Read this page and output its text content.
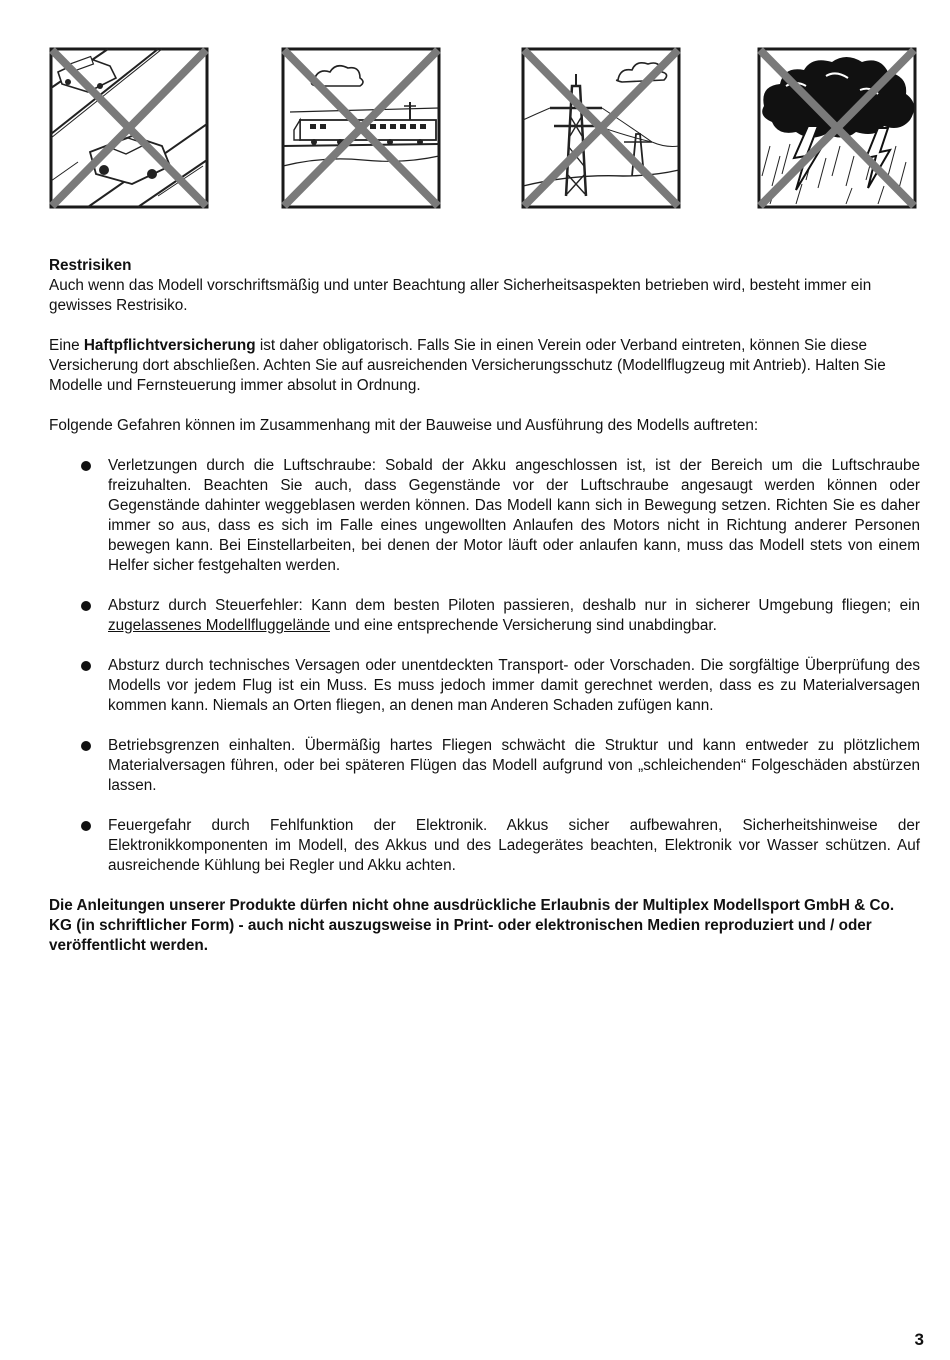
Restrisiken

Auch wenn das Modell vorschriftsmäßig und unter Beachtung aller Sicherheitsaspekten betrieben wird, besteht immer ein gewisses Restrisiko.

Eine Haftpflichtversicherung ist daher obligatorisch. Falls Sie in einen Verein oder Verband eintreten, können Sie diese Versicherung dort abschließen. Achten Sie auf ausreichenden Versicherungsschutz (Modellflugzeug mit Antrieb). Halten Sie Modelle und Fernsteuerung immer absolut in Ordnung.

Folgende Gefahren können im Zusammenhang mit der Bauweise und Ausführung des Modells auftreten:

Verletzungen durch die Luftschraube: Sobald der Akku angeschlossen ist, ist der Bereich um die Luftschraube freizuhalten. Beachten Sie auch, dass Gegenstände vor der Luftschraube angesaugt werden können oder Gegenstände dahinter weggeblasen werden können. Das Modell kann sich in Bewegung setzen. Richten Sie es daher immer so aus, dass es sich im Falle eines ungewollten Anlaufen des Motors nicht in Richtung anderer Personen bewegen kann. Bei Einstellarbeiten, bei denen der Motor läuft oder anlaufen kann, muss das Modell stets von einem Helfer sicher festgehalten werden.
Absturz durch Steuerfehler: Kann dem besten Piloten passieren, deshalb nur in sicherer Umgebung fliegen; ein zugelassenes Modellfluggelände und eine entsprechende Versicherung sind unabdingbar.
Absturz durch technisches Versagen oder unentdeckten Transport- oder Vorschaden. Die sorgfältige Überprüfung des Modells vor jedem Flug ist ein Muss. Es muss jedoch immer damit gerechnet werden, dass es zu Materialversagen kommen kann. Niemals an Orten fliegen, an denen man Anderen Schaden zufügen kann.
Betriebsgrenzen einhalten. Übermäßig hartes Fliegen schwächt die Struktur und kann entweder zu plötzlichem Materialversagen führen, oder bei späteren Flügen das Modell aufgrund von „schleichenden“ Folgeschäden abstürzen lassen.
Feuergefahr durch Fehlfunktion der Elektronik. Akkus sicher aufbewahren, Sicherheitshinweise der Elektronikkomponenten im Modell, des Akkus und des Ladegerätes beachten, Elektronik vor Wasser schützen. Auf ausreichende Kühlung bei Regler und Akku achten.

Die Anleitungen unserer Produkte dürfen nicht ohne ausdrückliche Erlaubnis der Multiplex Modellsport GmbH & Co. KG (in schriftlicher Form) - auch nicht auszugsweise in Print- oder elektronischen Medien reproduziert und / oder veröffentlicht werden.

3
